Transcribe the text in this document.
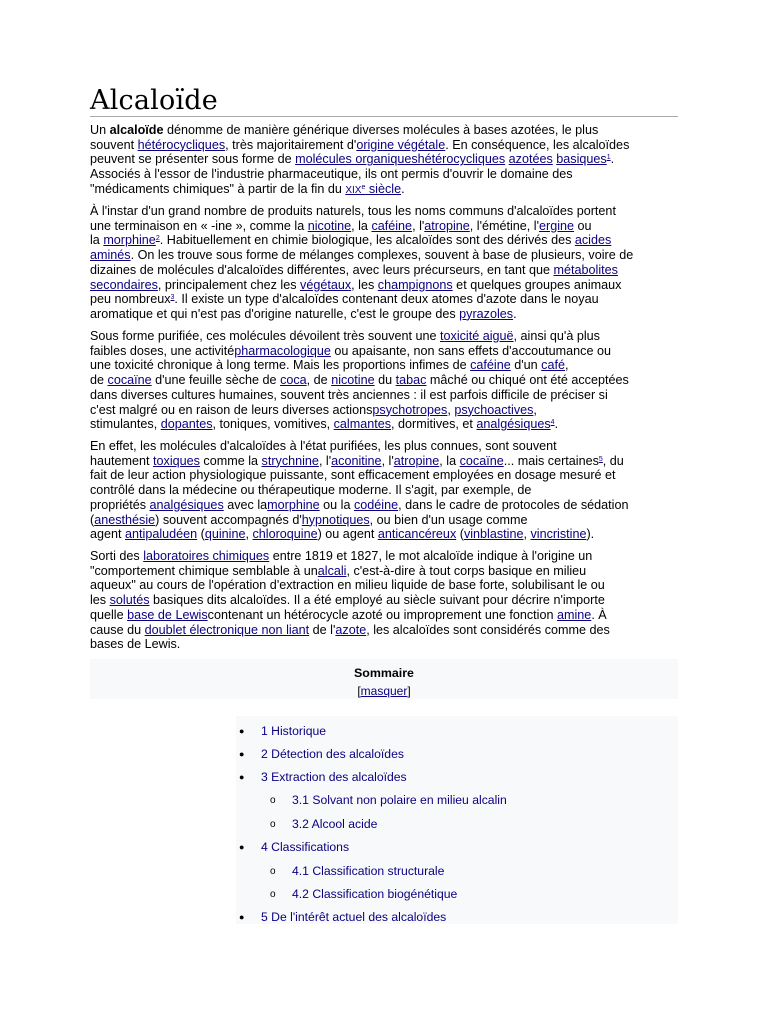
Alcaloïde
Un alcaloïde dénomme de manière générique diverses molécules à bases azotées, le plus
souvent hétérocycliques, très majoritairement d'origine végétale. En conséquence, les alcaloïdes
peuvent se présenter sous forme de molécules organiqueshétérocycliques azotées basiques$^1$.
Associés à l'essor de l'industrie pharmaceutique, ils ont permis d'ouvrir le domaine des
"médicaments chimiques" à partir de la fin du XIXe siècle.
À l'instar d'un grand nombre de produits naturels, tous les noms communs d'alcaloïdes portent
une terminaison en « -ine », comme la nicotine, la caféine, l'atropine, l'émétine, l'ergine ou
la morphine$^2$. Habituellement en chimie biologique, les alcaloïdes sont des dérivés des acides
aminés. On les trouve sous forme de mélanges complexes, souvent à base de plusieurs, voire de
dizaines de molécules d'alcaloïdes différentes, avec leurs précurseurs, en tant que métabolites
secondaires, principalement chez les végétaux, les champignons et quelques groupes animaux
peu nombreux$^3$. Il existe un type d'alcaloïdes contenant deux atomes d'azote dans le noyau
aromatique et qui n'est pas d'origine naturelle, c'est le groupe des pyrazoles.
Sous forme purifiée, ces molécules dévoilent très souvent une toxicité aiguë, ainsi qu'à plus
faibles doses, une activitépharmacologique ou apaisante, non sans effets d'accoutumance ou
une toxicité chronique à long terme. Mais les proportions infimes de caféine d'un café,
de cocaïne d'une feuille sèche de coca, de nicotine du tabac mâché ou chiqué ont été acceptées
dans diverses cultures humaines, souvent très anciennes : il est parfois difficile de préciser si
c'est malgré ou en raison de leurs diverses actionspsychotropes, psychoactives,
stimulantes, dopantes, toniques, vomitives, calmantes, dormitives, et analgésiques$^4$.
En effet, les molécules d'alcaloïdes à l'état purifiées, les plus connues, sont souvent
hautement toxiques comme la strychnine, l'aconitine, l'atropine, la cocaïne... mais certaines$^5$, du
fait de leur action physiologique puissante, sont efficacement employées en dosage mesuré et
contrôlé dans la médecine ou thérapeutique moderne. Il s'agit, par exemple, de
propriétés analgésiques avec lamorphine ou la codéine, dans le cadre de protocoles de sédation
(anesthésie) souvent accompagnés d'hypnotiques, ou bien d'un usage comme
agent antipaludéen (quinine, chloroquine) ou agent anticancéreux (vinblastine, vincristine).
Sorti des laboratoires chimiques entre 1819 et 1827, le mot alcaloïde indique à l'origine un
"comportement chimique semblable à unalcali, c'est-à-dire à tout corps basique en milieu
aqueux" au cours de l'opération d'extraction en milieu liquide de base forte, solubilisant le ou
les solutés basiques dits alcaloïdes. Il a été employé au siècle suivant pour décrire n'importe
quelle base de Lewiscontenant un hétérocycle azoté ou improprement une fonction amine. À
cause du doublet électronique non liant de l'azote, les alcaloïdes sont considérés comme des
bases de Lewis.
Sommaire
[masquer]
● 1 Historique
● 2 Détection des alcaloïdes
● 3 Extraction des alcaloïdes
o 3.1 Solvant non polaire en milieu alcalin
o 3.2 Alcool acide
● 4 Classifications
o 4.1 Classification structurale
o 4.2 Classification biogénétique
● 5 De l'intérêt actuel des alcaloïdes
